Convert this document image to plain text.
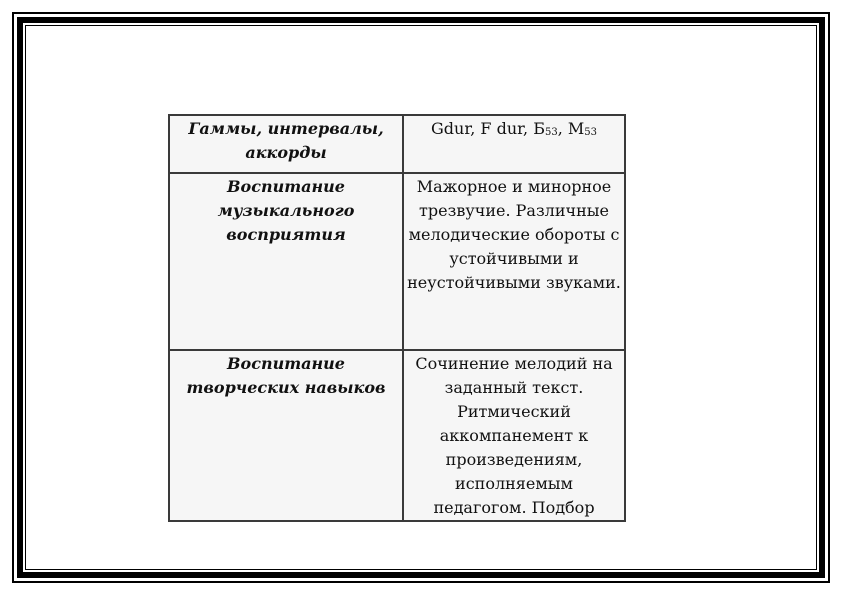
Гаммы, интервалы, аккорды	Gdur, F dur, $Б_{53}$, $М_{53}$

Воспитание музыкального восприятия	Мажорное и минорное трезвучие. Различные мелодические обороты с устойчивыми и неустойчивыми звуками.

Воспитание творческих навыков	Сочинение мелодий на заданный текст. Ритмический аккомпанемент к произведениям, исполняемым педагогом. Подбор
